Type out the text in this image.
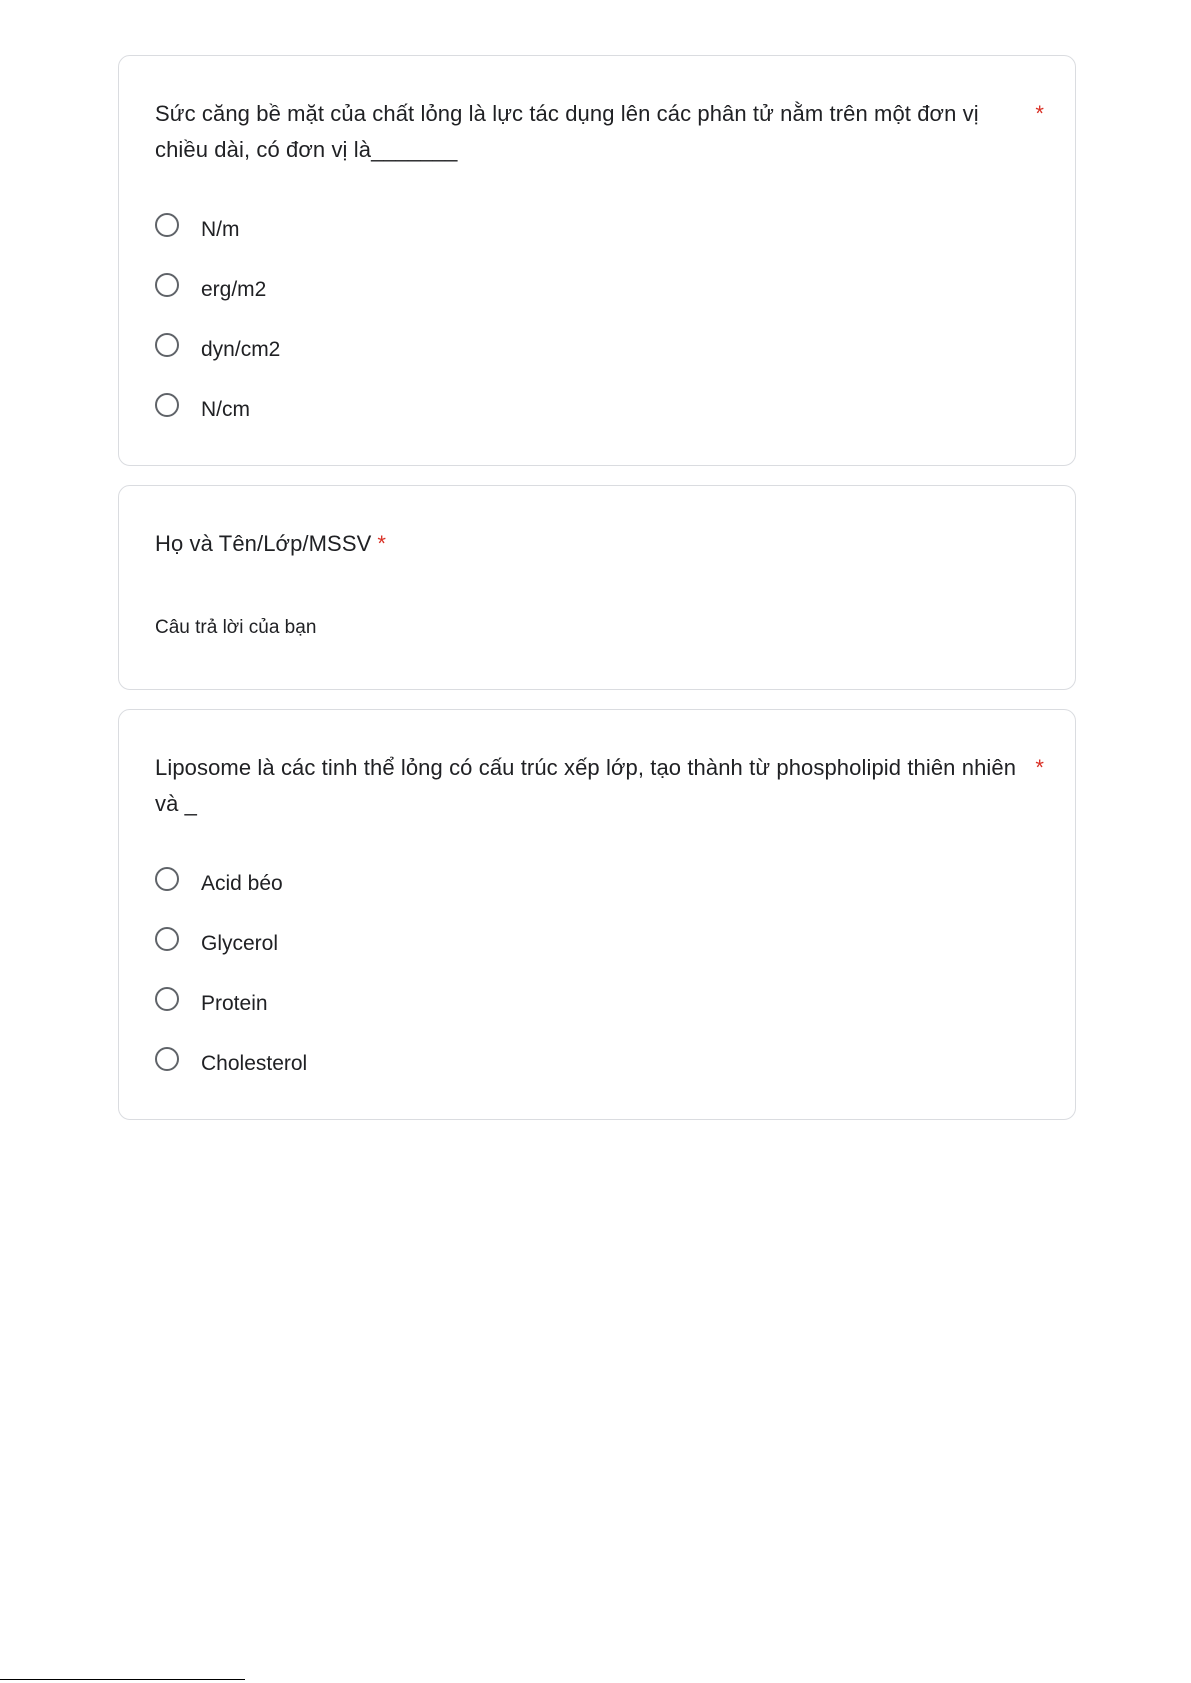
Sức căng bề mặt của chất lỏng là lực tác dụng lên các phân tử nằm trên một đơn vị chiều dài, có đơn vị là_______
*
N/m
erg/m2
dyn/cm2
N/cm
Họ và Tên/Lớp/MSSV *
Câu trả lời của bạn
Liposome là các tinh thể lỏng có cấu trúc xếp lớp, tạo thành từ phospholipid thiên nhiên và _
*
Acid béo
Glycerol
Protein
Cholesterol
